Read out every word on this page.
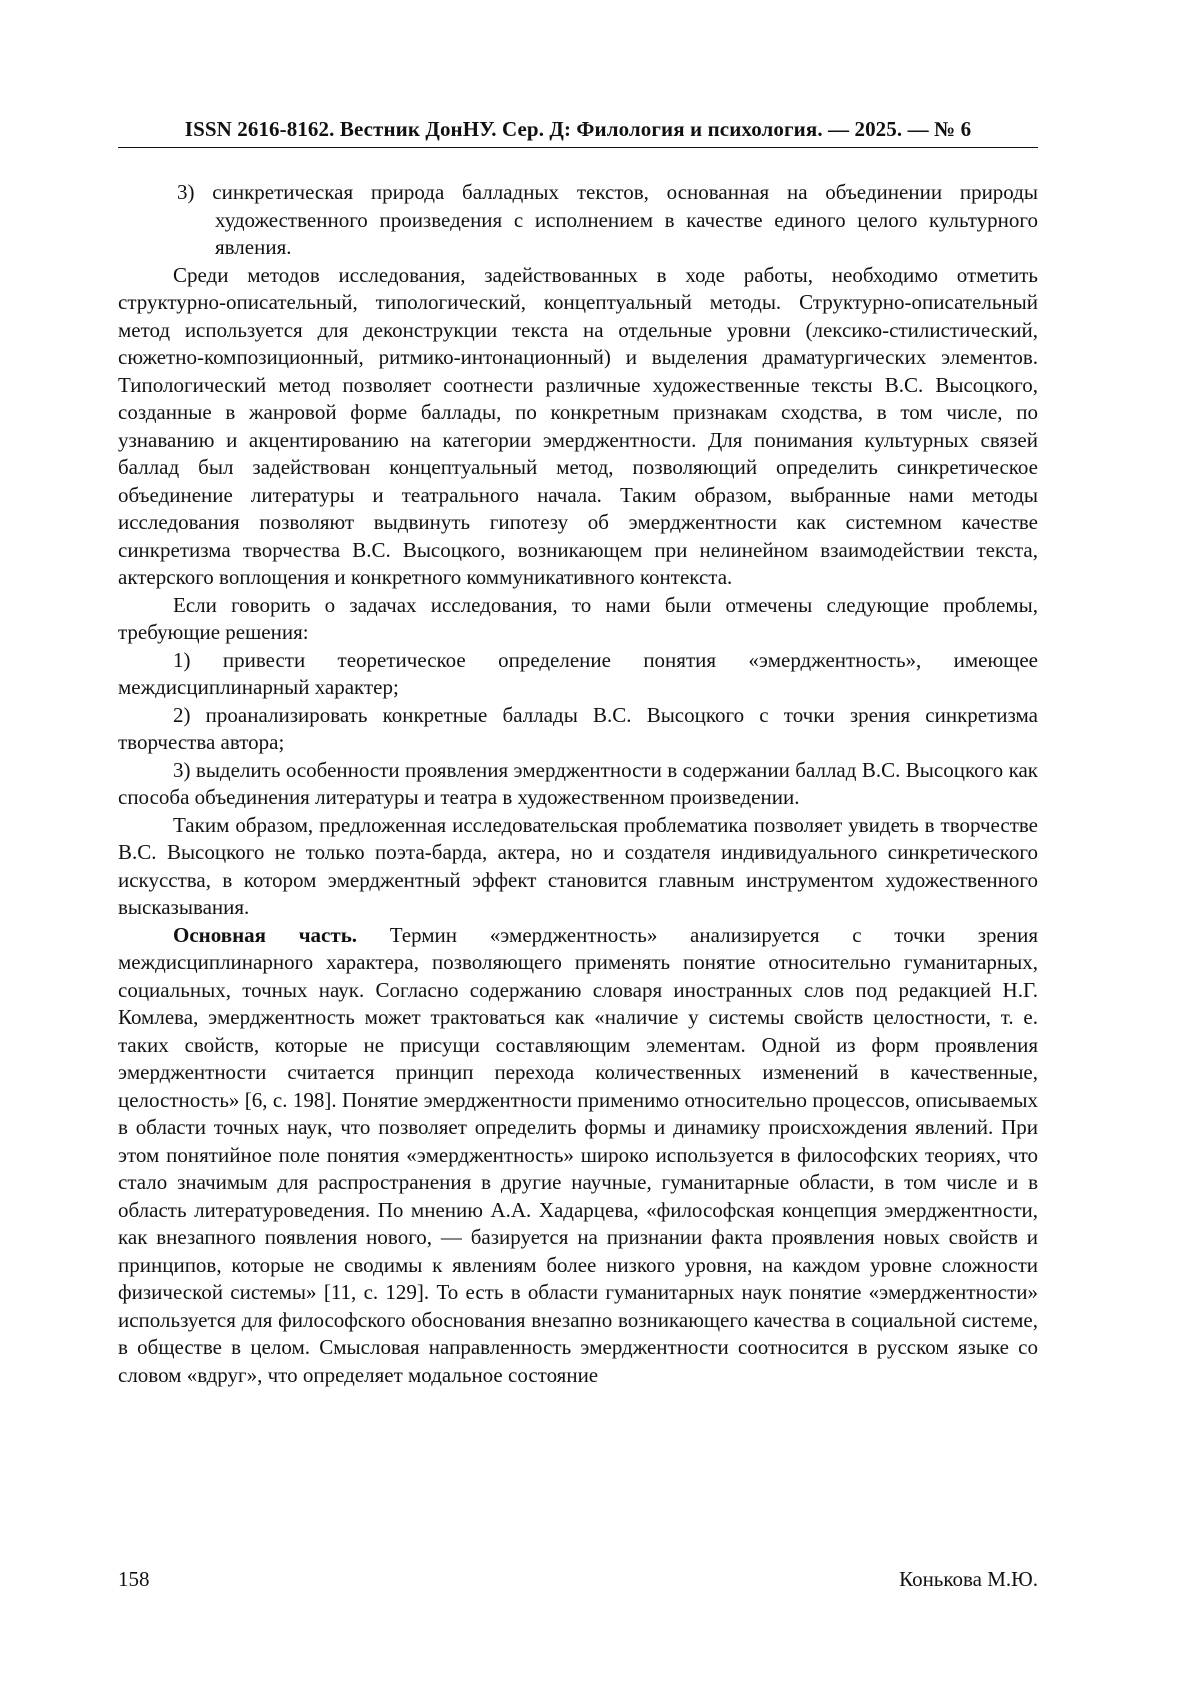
ISSN 2616-8162. Вестник ДонНУ. Сер. Д: Филология и психология. — 2025. — № 6

3) синкретическая природа балладных текстов, основанная на объединении природы художественного произведения с исполнением в качестве единого целого культурного явления.

Среди методов исследования, задействованных в ходе работы, необходимо отметить структурно-описательный, типологический, концептуальный методы. Структурно-описательный метод используется для деконструкции текста на отдельные уровни (лексико-стилистический, сюжетно-композиционный, ритмико-интонационный) и выделения драматургических элементов. Типологический метод позволяет соотнести различные художественные тексты В.С. Высоцкого, созданные в жанровой форме баллады, по конкретным признакам сходства, в том числе, по узнаванию и акцентированию на категории эмерджентности. Для понимания культурных связей баллад был задействован концептуальный метод, позволяющий определить синкретическое объединение литературы и театрального начала. Таким образом, выбранные нами методы исследования позволяют выдвинуть гипотезу об эмерджентности как системном качестве синкретизма творчества В.С. Высоцкого, возникающем при нелинейном взаимодействии текста, актерского воплощения и конкретного коммуникативного контекста.

Если говорить о задачах исследования, то нами были отмечены следующие проблемы, требующие решения:

1) привести теоретическое определение понятия «эмерджентность», имеющее междисциплинарный характер;

2) проанализировать конкретные баллады В.С. Высоцкого с точки зрения синкретизма творчества автора;

3) выделить особенности проявления эмерджентности в содержании баллад В.С. Высоцкого как способа объединения литературы и театра в художественном произведении.

Таким образом, предложенная исследовательская проблематика позволяет увидеть в творчестве В.С. Высоцкого не только поэта-барда, актера, но и создателя индивидуального синкретического искусства, в котором эмерджентный эффект становится главным инструментом художественного высказывания.

Основная часть. Термин «эмерджентность» анализируется с точки зрения междисциплинарного характера, позволяющего применять понятие относительно гуманитарных, социальных, точных наук. Согласно содержанию словаря иностранных слов под редакцией Н.Г. Комлева, эмерджентность может трактоваться как «наличие у системы свойств целостности, т. е. таких свойств, которые не присущи составляющим элементам. Одной из форм проявления эмерджентности считается принцип перехода количественных изменений в качественные, целостность» [6, с. 198]. Понятие эмерджентности применимо относительно процессов, описываемых в области точных наук, что позволяет определить формы и динамику происхождения явлений. При этом понятийное поле понятия «эмерджентность» широко используется в философских теориях, что стало значимым для распространения в другие научные, гуманитарные области, в том числе и в область литературоведения. По мнению А.А. Хадарцева, «философская концепция эмерджентности, как внезапного появления нового, — базируется на признании факта проявления новых свойств и принципов, которые не сводимы к явлениям более низкого уровня, на каждом уровне сложности физической системы» [11, с. 129]. То есть в области гуманитарных наук понятие «эмерджентности» используется для философского обоснования внезапно возникающего качества в социальной системе, в обществе в целом. Смысловая направленность эмерджентности соотносится в русском языке со словом «вдруг», что определяет модальное состояние

158	Конькова М.Ю.
